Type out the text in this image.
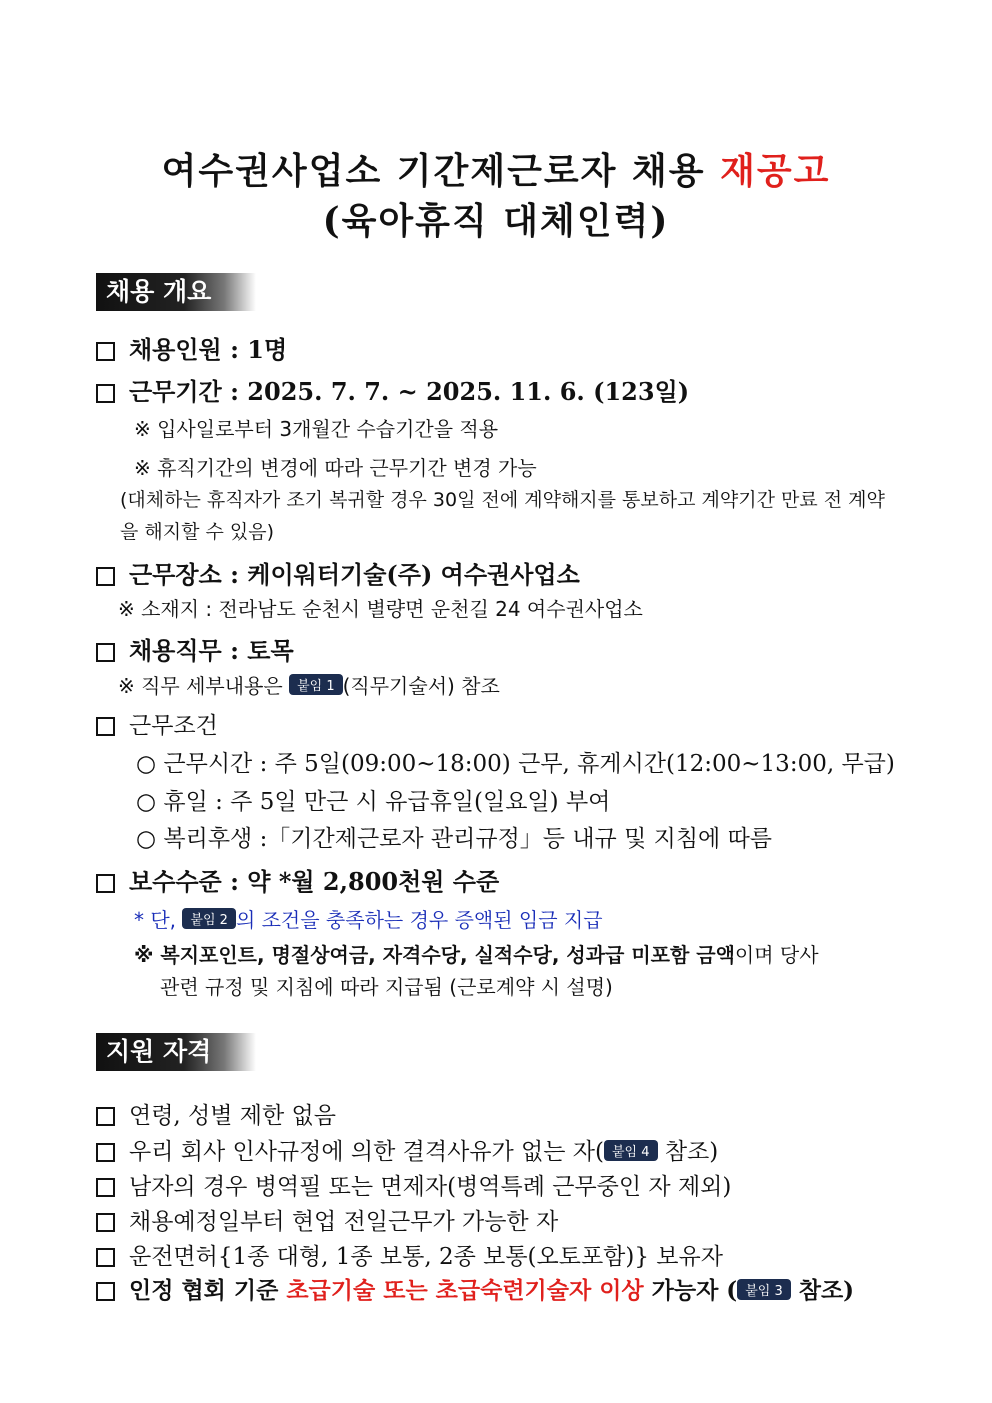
여수권사업소 기간제근로자 채용 재공고
(육아휴직 대체인력)
채용 개요
채용인원 : 1명
근무기간 : 2025. 7. 7. ~ 2025. 11. 6. (123일)
※ 입사일로부터 3개월간 수습기간을 적용
※ 휴직기간의 변경에 따라 근무기간 변경 가능
(대체하는 휴직자가 조기 복귀할 경우 30일 전에 계약해지를 통보하고 계약기간 만료 전 계약을 해지할 수 있음)
근무장소 : 케이워터기술(주) 여수권사업소
※ 소재지 : 전라남도 순천시 별량면 운천길 24 여수권사업소
채용직무 : 토목
※ 직무 세부내용은 붙임 1 (직무기술서) 참조
근무조건
○ 근무시간 : 주 5일(09:00~18:00) 근무, 휴게시간(12:00~13:00, 무급)
○ 휴일 : 주 5일 만근 시 유급휴일(일요일) 부여
○ 복리후생 :「기간제근로자 관리규정」등 내규 및 지침에 따름
보수수준 : 약 *월 2,800천원 수준
* 단, 붙임 2 의 조건을 충족하는 경우 증액된 임금 지급
※ 복지포인트, 명절상여금, 자격수당, 실적수당, 성과급 미포함 금액이며 당사
관련 규정 및 지침에 따라 지급됨 (근로계약 시 설명)
지원 자격
연령, 성별 제한 없음
우리 회사 인사규정에 의한 결격사유가 없는 자( 붙임 4 참조)
남자의 경우 병역필 또는 면제자(병역특례 근무중인 자 제외)
채용예정일부터 현업 전일근무가 가능한 자
운전면허{1종 대형, 1종 보통, 2종 보통(오토포함)} 보유자
인정 협회 기준 초급기술 또는 초급숙련기술자 이상 가능자 ( 붙임 3 참조)
